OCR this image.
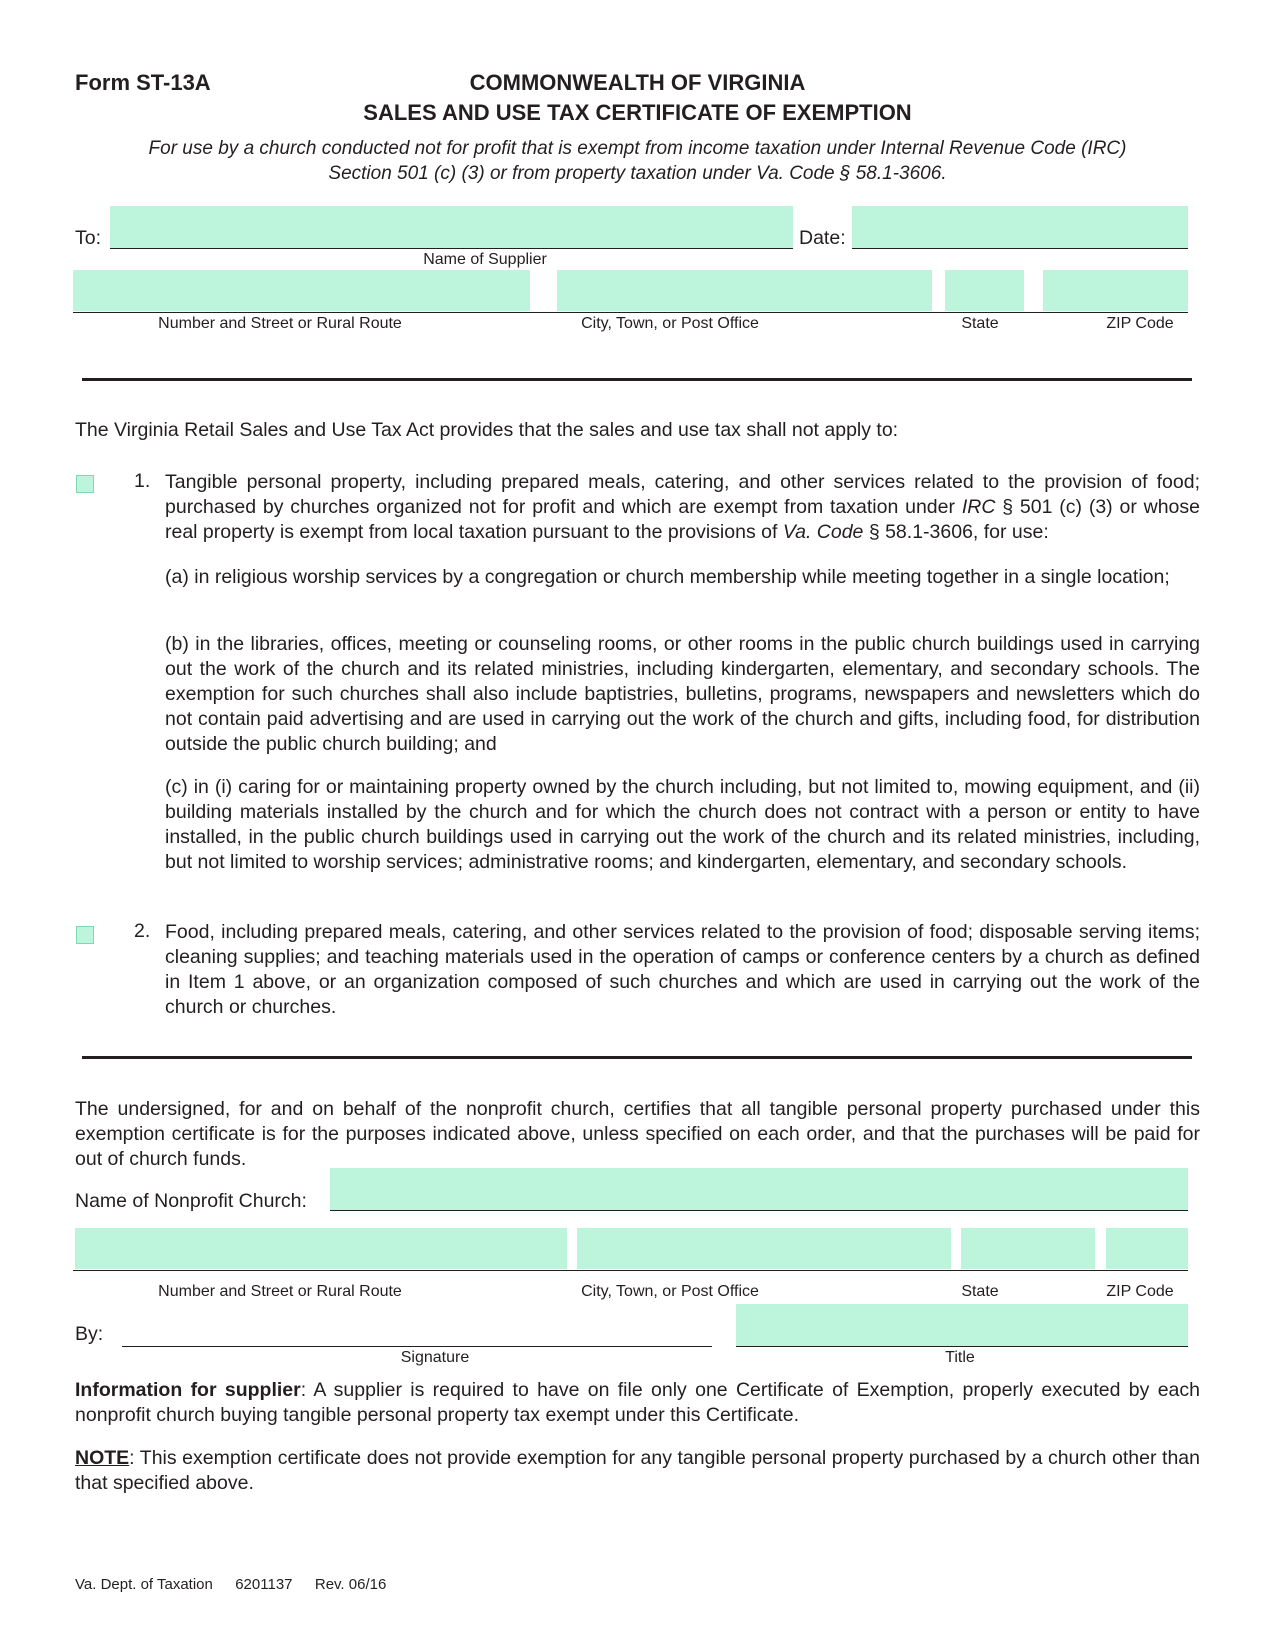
Form ST-13A	COMMONWEALTH OF VIRGINIA
SALES AND USE TAX CERTIFICATE OF EXEMPTION
For use by a church conducted not for profit that is exempt from income taxation under Internal Revenue Code (IRC)
Section 501 (c) (3) or from property taxation under Va. Code § 58.1-3606.
To:	Date:
Name of Supplier
Number and Street or Rural Route	City, Town, or Post Office	State	ZIP Code
The Virginia Retail Sales and Use Tax Act provides that the sales and use tax shall not apply to:
1. Tangible personal property, including prepared meals, catering, and other services related to the provision of food; purchased by churches organized not for profit and which are exempt from taxation under IRC § 501 (c) (3) or whose real property is exempt from local taxation pursuant to the provisions of Va. Code § 58.1-3606, for use:
(a) in religious worship services by a congregation or church membership while meeting together in a single location;
(b) in the libraries, offices, meeting or counseling rooms, or other rooms in the public church buildings used in carrying out the work of the church and its related ministries, including kindergarten, elementary, and secondary schools. The exemption for such churches shall also include baptistries, bulletins, programs, newspapers and newsletters which do not contain paid advertising and are used in carrying out the work of the church and gifts, including food, for distribution outside the public church building; and
(c) in (i) caring for or maintaining property owned by the church including, but not limited to, mowing equipment, and (ii) building materials installed by the church and for which the church does not contract with a person or entity to have installed, in the public church buildings used in carrying out the work of the church and its related ministries, including, but not limited to worship services; administrative rooms; and kindergarten, elementary, and secondary schools.
2. Food, including prepared meals, catering, and other services related to the provision of food; disposable serving items; cleaning supplies; and teaching materials used in the operation of camps or conference centers by a church as defined in Item 1 above, or an organization composed of such churches and which are used in carrying out the work of the church or churches.
The undersigned, for and on behalf of the nonprofit church, certifies that all tangible personal property purchased under this exemption certificate is for the purposes indicated above, unless specified on each order, and that the purchases will be paid for out of church funds.
Name of Nonprofit Church:
Number and Street or Rural Route	City, Town, or Post Office	State	ZIP Code
By:
Signature	Title
Information for supplier: A supplier is required to have on file only one Certificate of Exemption, properly executed by each nonprofit church buying tangible personal property tax exempt under this Certificate.
NOTE: This exemption certificate does not provide exemption for any tangible personal property purchased by a church other than that specified above.
Va. Dept. of Taxation 6201137 Rev. 06/16
